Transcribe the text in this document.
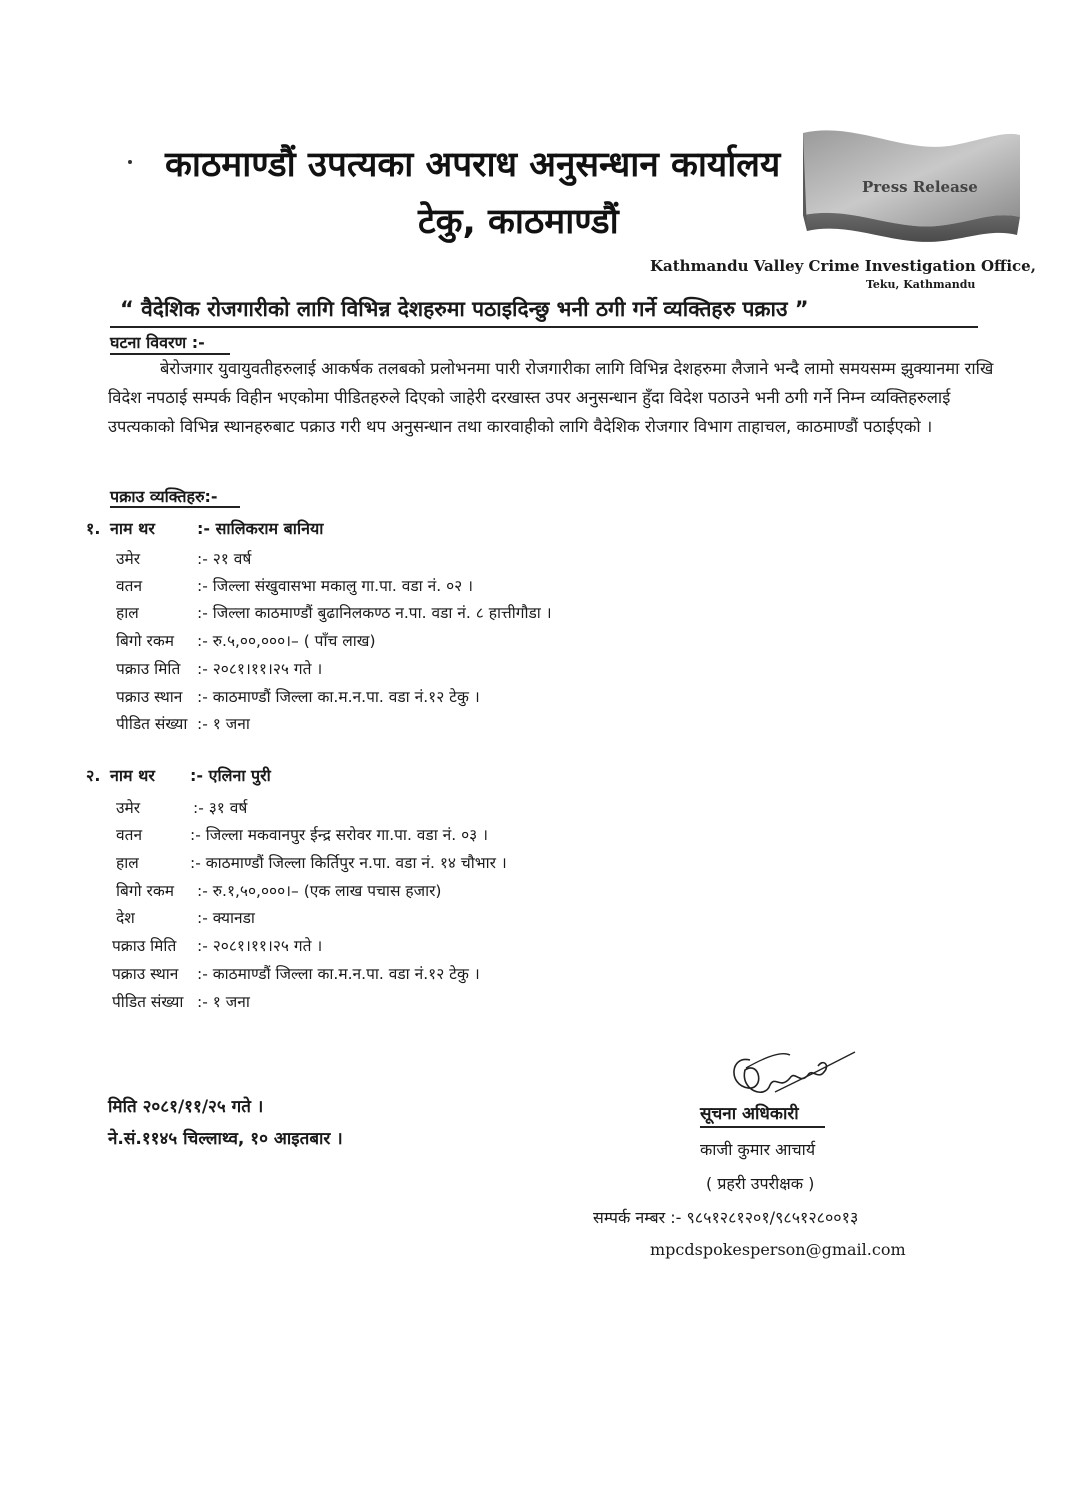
काठमाण्डौं उपत्यका अपराध अनुसन्धान कार्यालय
टेकु, काठमाण्डौं
Press Release
Kathmandu Valley Crime Investigation Office,
Teku, Kathmandu
“ वैदेशिक रोजगारीको लागि विभिन्न देशहरुमा पठाइदिन्छु भनी ठगी गर्ने व्यक्तिहरु पक्राउ ”
घटना विवरण :-
बेरोजगार युवायुवतीहरुलाई आकर्षक तलबको प्रलोभनमा पारी रोजगारीका लागि विभिन्न देशहरुमा लैजाने भन्दै लामो समयसम्म झुक्यानमा राखि विदेश नपठाई सम्पर्क विहीन भएकोमा पीडितहरुले दिएको जाहेरी दरखास्त उपर अनुसन्धान हुँदा विदेश पठाउने भनी ठगी गर्ने निम्न व्यक्तिहरुलाई उपत्यकाको विभिन्न स्थानहरुबाट पक्राउ गरी थप अनुसन्धान तथा कारवाहीको लागि वैदेशिक रोजगार विभाग ताहाचल, काठमाण्डौं पठाईएको ।
पक्राउ व्यक्तिहरु:-
१. नाम थर	:- सालिकराम बानिया
उमेर	:- २१ वर्ष
वतन	:- जिल्ला संखुवासभा मकालु गा.पा. वडा नं. ०२ ।
हाल	:- जिल्ला काठमाण्डौं बुढानिलकण्ठ न.पा. वडा नं. ८ हात्तीगौडा ।
बिगो रकम :- रु.५,००,०००।– ( पाँच लाख)
पक्राउ मिति :- २०८१।११।२५ गते ।
पक्राउ स्थान :- काठमाण्डौं जिल्ला का.म.न.पा. वडा नं.१२ टेकु ।
पीडित संख्या :- १ जना
२. नाम थर :- एलिना पुरी
उमेर	:- ३१ वर्ष
वतन	:- जिल्ला मकवानपुर ईन्द्र सरोवर गा.पा. वडा नं. ०३ ।
हाल	:- काठमाण्डौं जिल्ला किर्तिपुर न.पा. वडा नं. १४ चौभार ।
बिगो रकम :- रु.१,५०,०००।– (एक लाख पचास हजार)
देश	:- क्यानडा
पक्राउ मिति :- २०८१।११।२५ गते ।
पक्राउ स्थान :- काठमाण्डौं जिल्ला का.म.न.पा. वडा नं.१२ टेकु ।
पीडित संख्या :- १ जना
मिति २०८१/११/२५ गते ।
ने.सं.११४५ चिल्लाथ्व, १० आइतबार ।
सूचना अधिकारी
काजी कुमार आचार्य
( प्रहरी उपरीक्षक )
सम्पर्क नम्बर :- ९८५१२८१२०१/९८५१२८००१३
mpcdspokesperson@gmail.com
